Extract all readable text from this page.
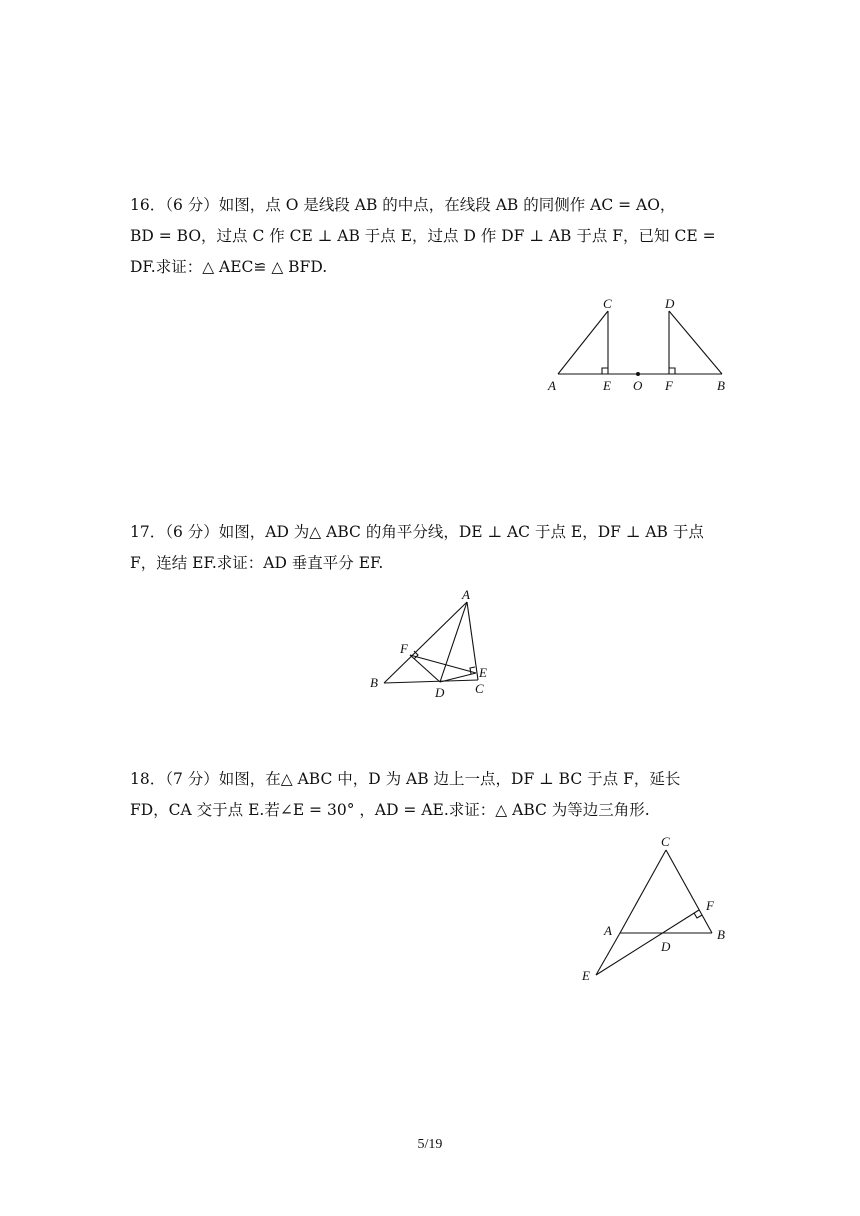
16．（6 分）如图，点 O 是线段 AB 的中点，在线段 AB 的同侧作 AC = AO，

BD = BO，过点 C 作 CE ⊥ AB 于点 E，过点 D 作 DF ⊥ AB 于点 F，已知 CE =

DF.求证：△ AEC≌ △ BFD.

A
C
E O F
D
B

17．（6 分）如图，AD 为△ ABC 的角平分线，DE ⊥ AC 于点 E，DF ⊥ AB 于点

F，连结 EF.求证：AD 垂直平分 EF.

A
F
E
B
D C

18．（7 分）如图，在△ ABC 中，D 为 AB 边上一点，DF ⊥ BC 于点 F，延长

FD，CA 交于点 E.若∠E = 30° ，AD = AE.求证：△ ABC 为等边三角形.

C
F
A
D
B
E
5/19
